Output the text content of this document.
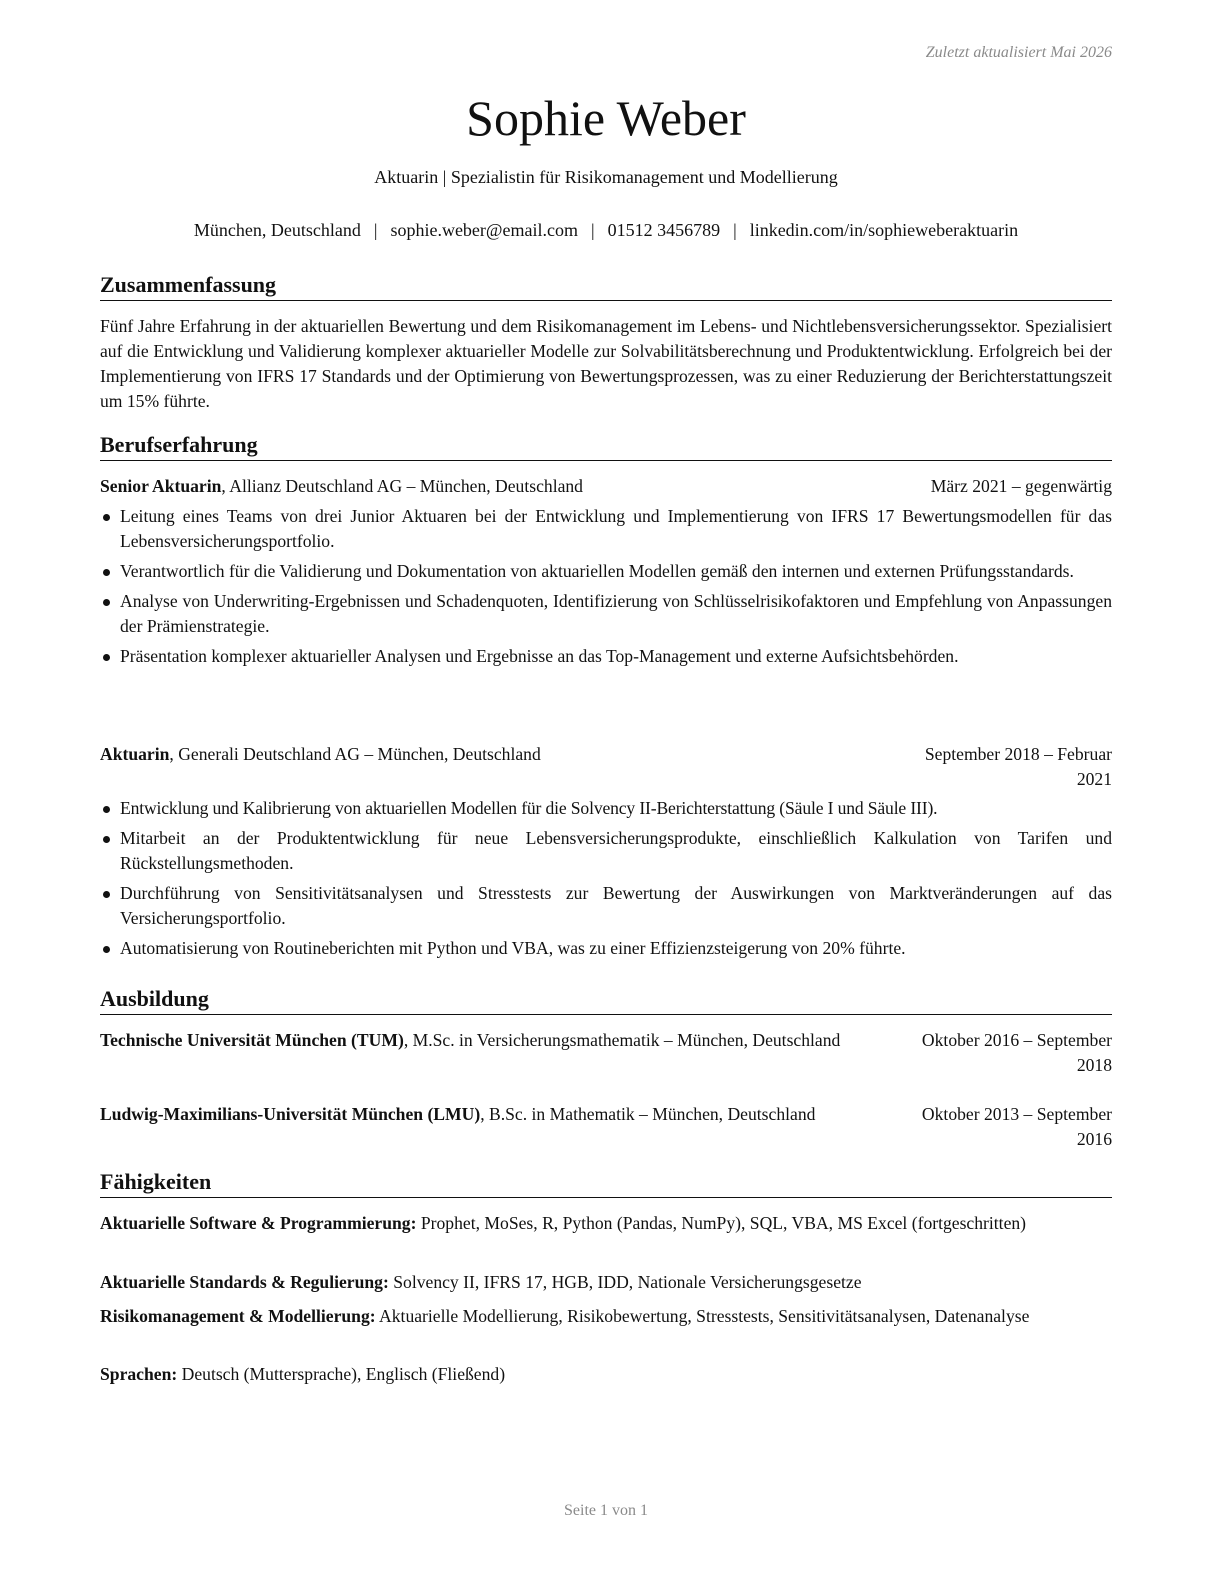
Zuletzt aktualisiert Mai 2026
Sophie Weber
Aktuarin | Spezialistin für Risikomanagement und Modellierung
München, Deutschland | sophie.weber@email.com | 01512 3456789 | linkedin.com/in/sophieweberaktuarin
Zusammenfassung
Fünf Jahre Erfahrung in der aktuariellen Bewertung und dem Risikomanagement im Lebens- und Nichtlebensversicherungssektor. Spezialisiert auf die Entwicklung und Validierung komplexer aktuarieller Modelle zur Solvabilitätsberechnung und Produktentwicklung. Erfolgreich bei der Implementierung von IFRS 17 Standards und der Optimierung von Bewertungsprozessen, was zu einer Reduzierung der Berichterstattungszeit um 15% führte.
Berufserfahrung
Senior Aktuarin, Allianz Deutschland AG – München, Deutschland	März 2021 – gegenwärtig
Leitung eines Teams von drei Junior Aktuaren bei der Entwicklung und Implementierung von IFRS 17 Bewertungsmodellen für das Lebensversicherungsportfolio.
Verantwortlich für die Validierung und Dokumentation von aktuariellen Modellen gemäß den internen und externen Prüfungsstandards.
Analyse von Underwriting-Ergebnissen und Schadenquoten, Identifizierung von Schlüsselrisikofaktoren und Empfehlung von Anpassungen der Prämienstrategie.
Präsentation komplexer aktuarieller Analysen und Ergebnisse an das Top-Management und externe Aufsichtsbehörden.
Aktuarin, Generali Deutschland AG – München, Deutschland	September 2018 – Februar
2021
Entwicklung und Kalibrierung von aktuariellen Modellen für die Solvency II-Berichterstattung (Säule I und Säule III).
Mitarbeit an der Produktentwicklung für neue Lebensversicherungsprodukte, einschließlich Kalkulation von Tarifen und Rückstellungsmethoden.
Durchführung von Sensitivitätsanalysen und Stresstests zur Bewertung der Auswirkungen von Marktveränderungen auf das Versicherungsportfolio.
Automatisierung von Routineberichten mit Python und VBA, was zu einer Effizienzsteigerung von 20% führte.
Ausbildung
Technische Universität München (TUM), M.Sc. in Versicherungsmathematik – München, Deutschland	Oktober 2016 – September
2018
Ludwig-Maximilians-Universität München (LMU), B.Sc. in Mathematik – München, Deutschland	Oktober 2013 – September
2016
Fähigkeiten
Aktuarielle Software & Programmierung: Prophet, MoSes, R, Python (Pandas, NumPy), SQL, VBA, MS Excel (fortgeschritten)
Aktuarielle Standards & Regulierung: Solvency II, IFRS 17, HGB, IDD, Nationale Versicherungsgesetze
Risikomanagement & Modellierung: Aktuarielle Modellierung, Risikobewertung, Stresstests, Sensitivitätsanalysen, Datenanalyse
Sprachen: Deutsch (Muttersprache), Englisch (Fließend)
Seite 1 von 1
